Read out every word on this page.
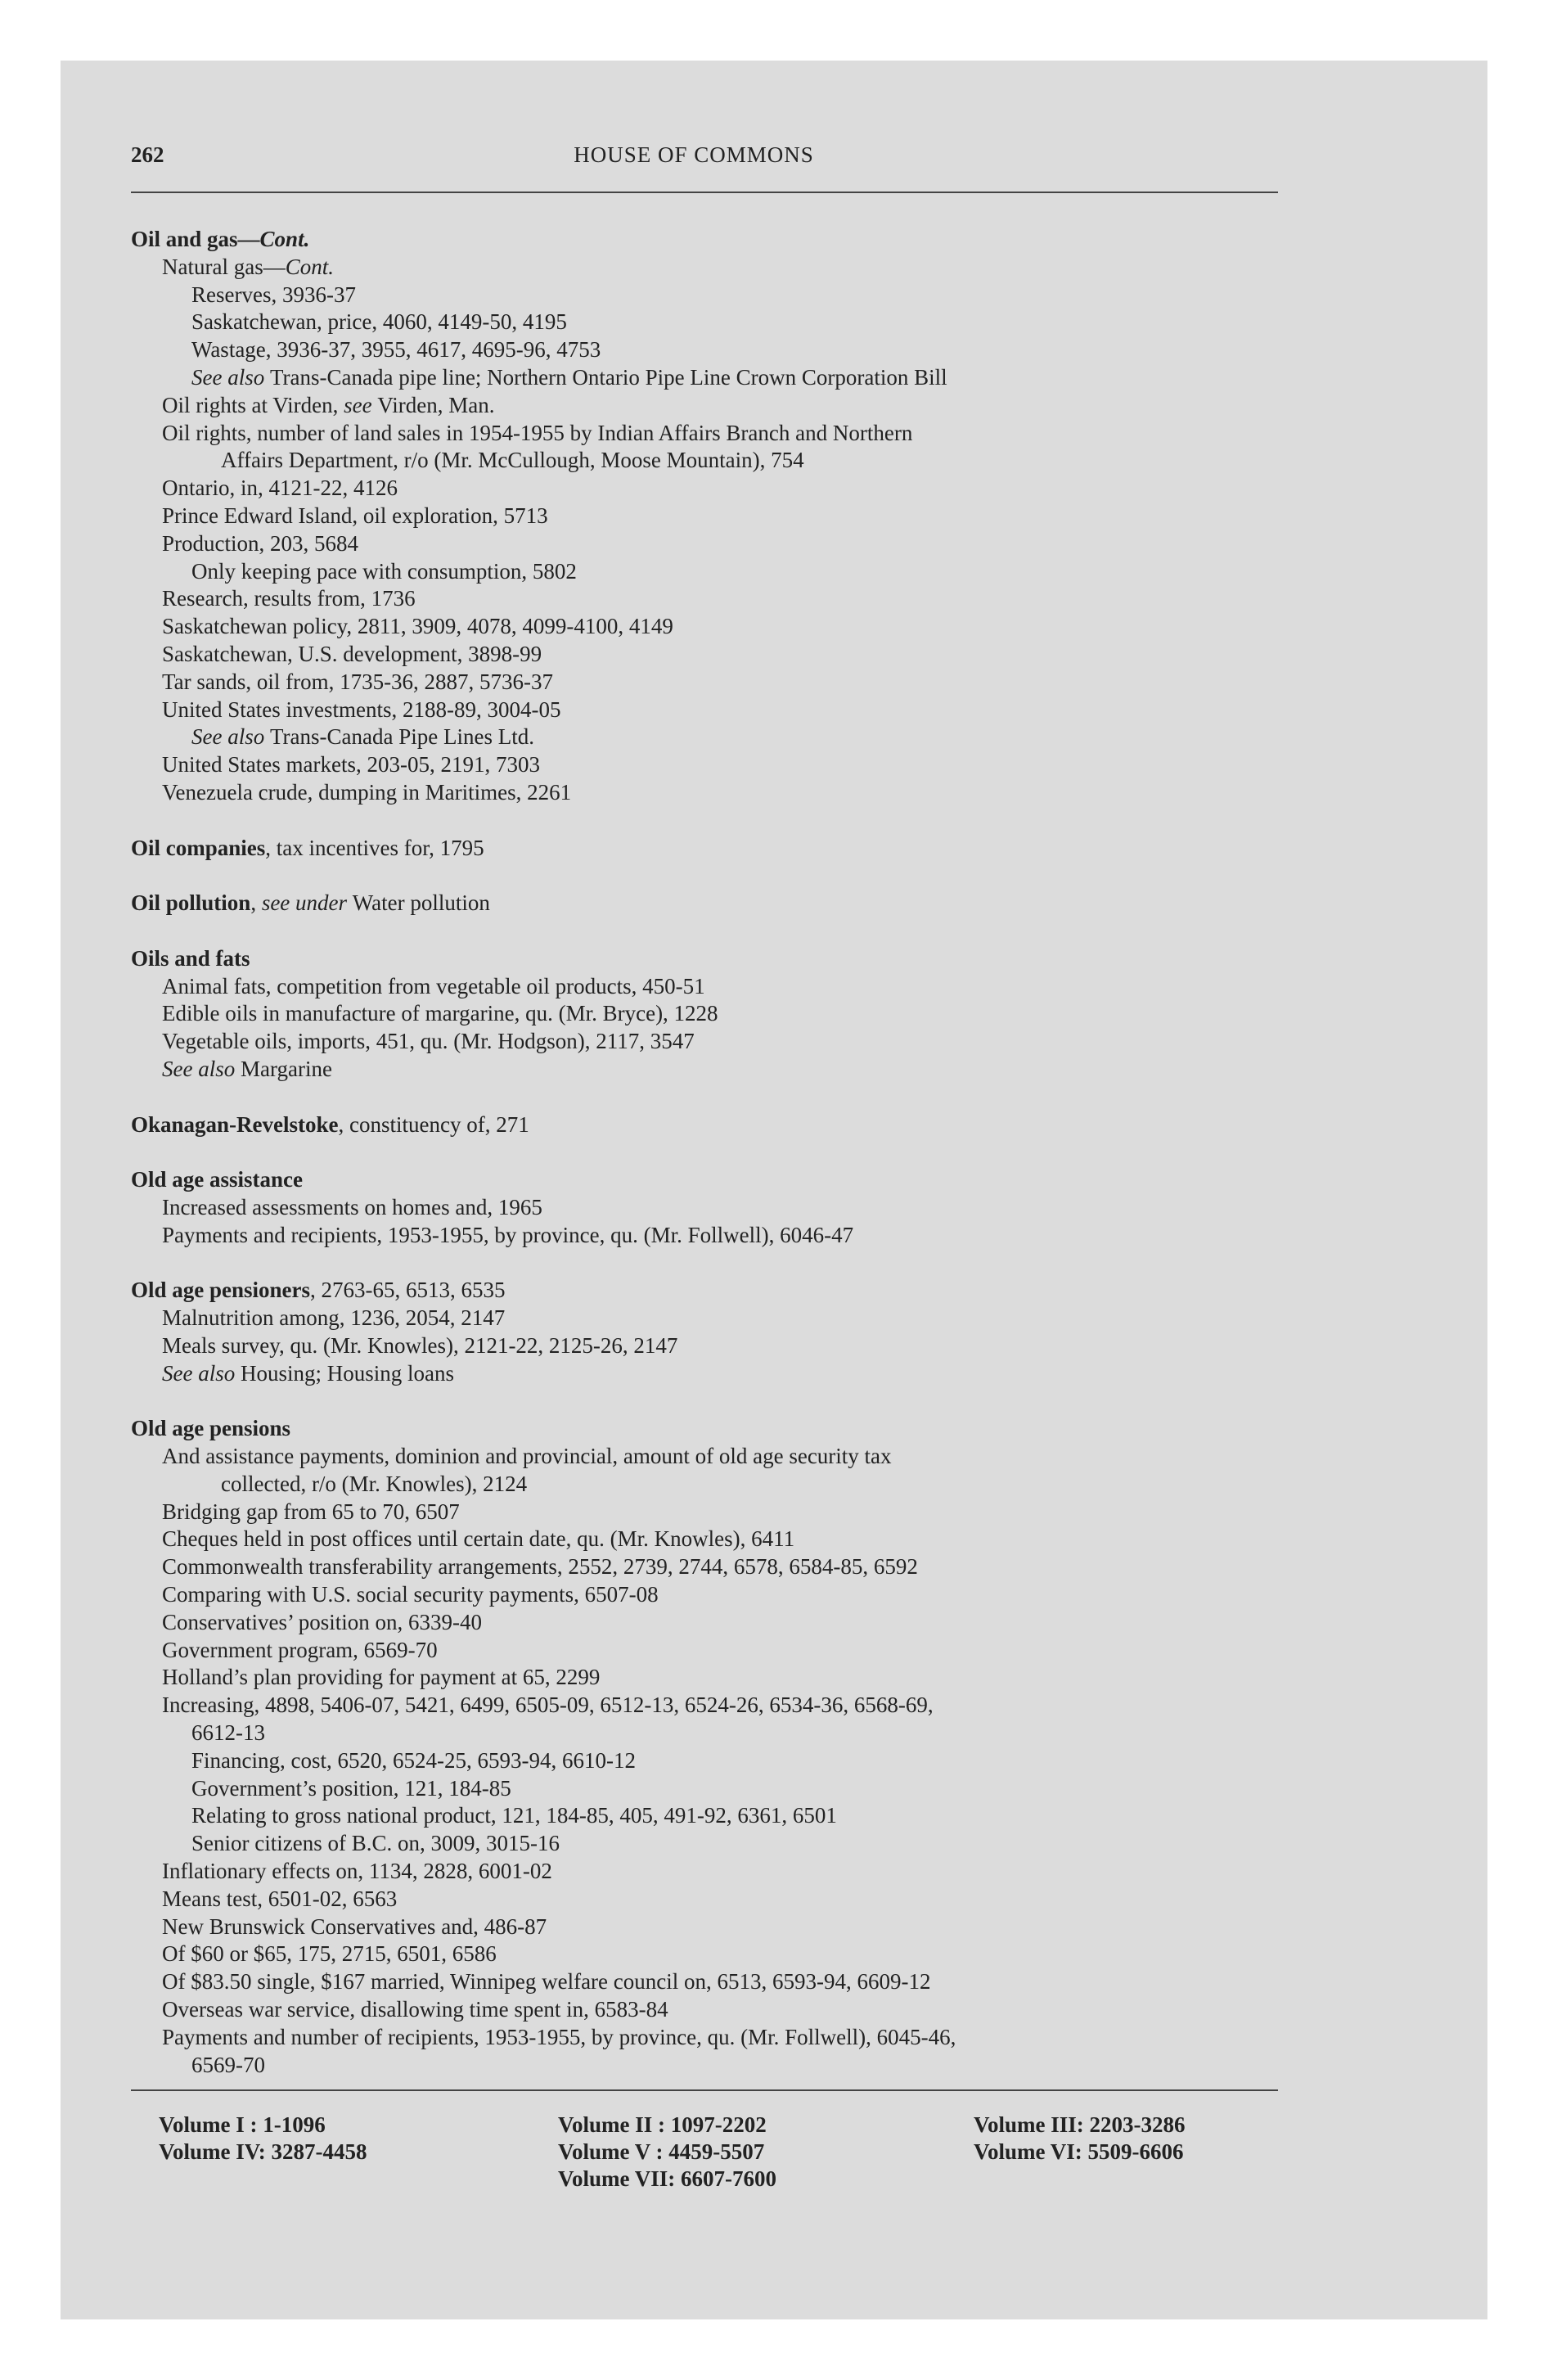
262	HOUSE OF COMMONS
Oil and gas—Cont.
Natural gas—Cont.
Reserves, 3936-37
Saskatchewan, price, 4060, 4149-50, 4195
Wastage, 3936-37, 3955, 4617, 4695-96, 4753
See also Trans-Canada pipe line; Northern Ontario Pipe Line Crown Corporation Bill
Oil rights at Virden, see Virden, Man.
Oil rights, number of land sales in 1954-1955 by Indian Affairs Branch and Northern
Affairs Department, r/o (Mr. McCullough, Moose Mountain), 754
Ontario, in, 4121-22, 4126
Prince Edward Island, oil exploration, 5713
Production, 203, 5684
Only keeping pace with consumption, 5802
Research, results from, 1736
Saskatchewan policy, 2811, 3909, 4078, 4099-4100, 4149
Saskatchewan, U.S. development, 3898-99
Tar sands, oil from, 1735-36, 2887, 5736-37
United States investments, 2188-89, 3004-05
See also Trans-Canada Pipe Lines Ltd.
United States markets, 203-05, 2191, 7303
Venezuela crude, dumping in Maritimes, 2261
Oil companies, tax incentives for, 1795
Oil pollution, see under Water pollution
Oils and fats
Animal fats, competition from vegetable oil products, 450-51
Edible oils in manufacture of margarine, qu. (Mr. Bryce), 1228
Vegetable oils, imports, 451, qu. (Mr. Hodgson), 2117, 3547
See also Margarine
Okanagan-Revelstoke, constituency of, 271
Old age assistance
Increased assessments on homes and, 1965
Payments and recipients, 1953-1955, by province, qu. (Mr. Follwell), 6046-47
Old age pensioners, 2763-65, 6513, 6535
Malnutrition among, 1236, 2054, 2147
Meals survey, qu. (Mr. Knowles), 2121-22, 2125-26, 2147
See also Housing; Housing loans
Old age pensions
And assistance payments, dominion and provincial, amount of old age security tax
collected, r/o (Mr. Knowles), 2124
Bridging gap from 65 to 70, 6507
Cheques held in post offices until certain date, qu. (Mr. Knowles), 6411
Commonwealth transferability arrangements, 2552, 2739, 2744, 6578, 6584-85, 6592
Comparing with U.S. social security payments, 6507-08
Conservatives’ position on, 6339-40
Government program, 6569-70
Holland’s plan providing for payment at 65, 2299
Increasing, 4898, 5406-07, 5421, 6499, 6505-09, 6512-13, 6524-26, 6534-36, 6568-69,
6612-13
Financing, cost, 6520, 6524-25, 6593-94, 6610-12
Government’s position, 121, 184-85
Relating to gross national product, 121, 184-85, 405, 491-92, 6361, 6501
Senior citizens of B.C. on, 3009, 3015-16
Inflationary effects on, 1134, 2828, 6001-02
Means test, 6501-02, 6563
New Brunswick Conservatives and, 486-87
Of $60 or $65, 175, 2715, 6501, 6586
Of $83.50 single, $167 married, Winnipeg welfare council on, 6513, 6593-94, 6609-12
Overseas war service, disallowing time spent in, 6583-84
Payments and number of recipients, 1953-1955, by province, qu. (Mr. Follwell), 6045-46,
6569-70
Volume I : 1-1096
Volume IV: 3287-4458
Volume II : 1097-2202
Volume V : 4459-5507
Volume VII: 6607-7600
Volume III: 2203-3286
Volume VI: 5509-6606
